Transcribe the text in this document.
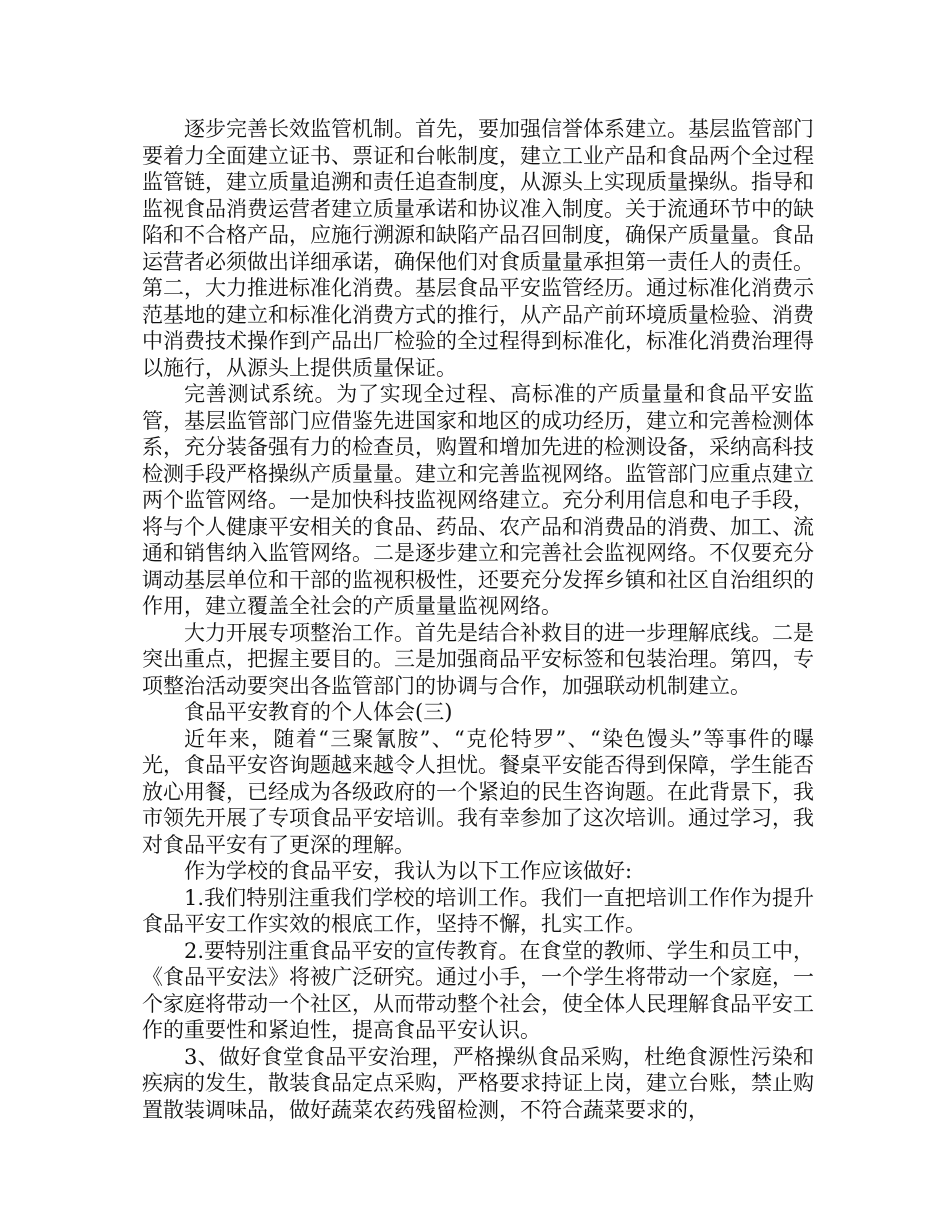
逐步完善长效监管机制。首先，要加强信誉体系建立。基层监管部门要着力全面建立证书、票证和台帐制度，建立工业产品和食品两个全过程监管链，建立质量追溯和责任追查制度，从源头上实现质量操纵。指导和监视食品消费运营者建立质量承诺和协议准入制度。关于流通环节中的缺陷和不合格产品，应施行溯源和缺陷产品召回制度，确保产质量量。食品运营者必须做出详细承诺，确保他们对食质量量承担第一责任人的责任。第二，大力推进标准化消费。基层食品平安监管经历。通过标准化消费示范基地的建立和标准化消费方式的推行，从产品产前环境质量检验、消费中消费技术操作到产品出厂检验的全过程得到标准化，标准化消费治理得以施行，从源头上提供质量保证。

完善测试系统。为了实现全过程、高标准的产质量量和食品平安监管，基层监管部门应借鉴先进国家和地区的成功经历，建立和完善检测体系，充分装备强有力的检查员，购置和增加先进的检测设备，采纳高科技检测手段严格操纵产质量量。建立和完善监视网络。监管部门应重点建立两个监管网络。一是加快科技监视网络建立。充分利用信息和电子手段，将与个人健康平安相关的食品、药品、农产品和消费品的消费、加工、流通和销售纳入监管网络。二是逐步建立和完善社会监视网络。不仅要充分调动基层单位和干部的监视积极性，还要充分发挥乡镇和社区自治组织的作用，建立覆盖全社会的产质量量监视网络。

大力开展专项整治工作。首先是结合补救目的进一步理解底线。二是突出重点，把握主要目的。三是加强商品平安标签和包装治理。第四，专项整治活动要突出各监管部门的协调与合作，加强联动机制建立。

食品平安教育的个人体会(三)

近年来，随着“三聚氰胺”、“克伦特罗”、“染色馒头”等事件的曝光，食品平安咨询题越来越令人担忧。餐桌平安能否得到保障，学生能否放心用餐，已经成为各级政府的一个紧迫的民生咨询题。在此背景下，我市领先开展了专项食品平安培训。我有幸参加了这次培训。通过学习，我对食品平安有了更深的理解。

作为学校的食品平安，我认为以下工作应该做好:

1.我们特别注重我们学校的培训工作。我们一直把培训工作作为提升食品平安工作实效的根底工作，坚持不懈，扎实工作。

2.要特别注重食品平安的宣传教育。在食堂的教师、学生和员工中，《食品平安法》将被广泛研究。通过小手，一个学生将带动一个家庭，一个家庭将带动一个社区，从而带动整个社会，使全体人民理解食品平安工作的重要性和紧迫性，提高食品平安认识。

3、做好食堂食品平安治理，严格操纵食品采购，杜绝食源性污染和疾病的发生，散装食品定点采购，严格要求持证上岗，建立台账，禁止购置散装调味品，做好蔬菜农药残留检测，不符合蔬菜要求的，
